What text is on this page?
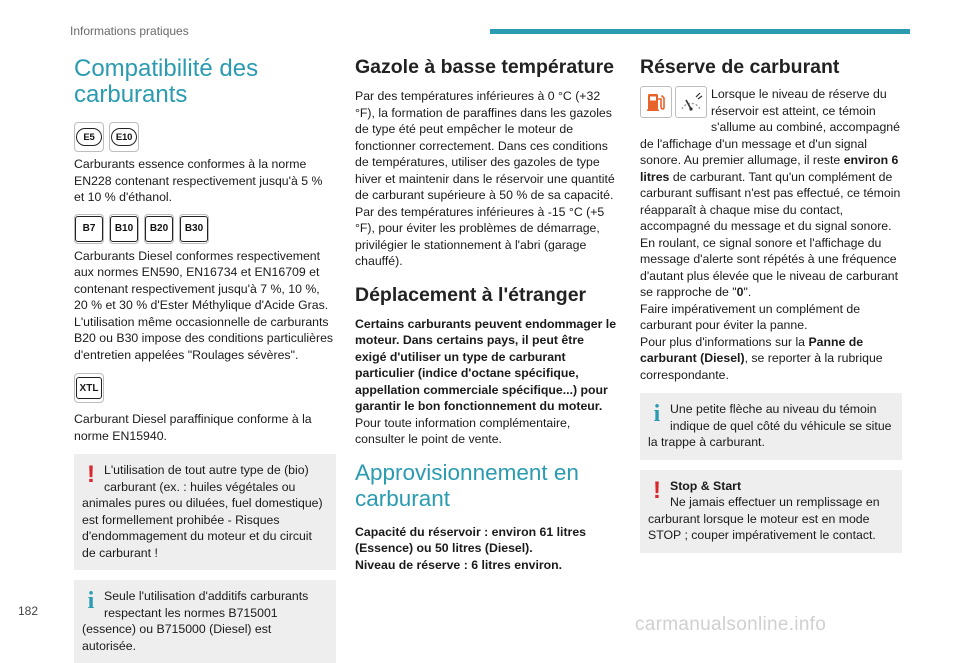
Informations pratiques
Compatibilité des carburants
E5	E10

Carburants essence conformes à la norme EN228 contenant respectivement jusqu'à 5 % et 10 % d'éthanol.

B7	B10	B20	B30

Carburants Diesel conformes respectivement aux normes EN590, EN16734 et EN16709 et contenant respectivement jusqu'à 7 %, 10 %, 20 % et 30 % d'Ester Méthylique d'Acide Gras. L'utilisation même occasionnelle de carburants B20 ou B30 impose des conditions particulières d'entretien appelées "Roulages sévères".

XTL

Carburant Diesel paraffinique conforme à la norme EN15940.

! L'utilisation de tout autre type de (bio) carburant (ex. : huiles végétales ou animales pures ou diluées, fuel domestique) est formellement prohibée - Risques d'endommagement du moteur et du circuit de carburant !

i Seule l'utilisation d'additifs carburants respectant les normes B715001 (essence) ou B715000 (Diesel) est autorisée.

Gazole à basse température

Par des températures inférieures à 0 °C (+32 °F), la formation de paraffines dans les gazoles de type été peut empêcher le moteur de fonctionner correctement. Dans ces conditions de températures, utiliser des gazoles de type hiver et maintenir dans le réservoir une quantité de carburant supérieure à 50 % de sa capacité. Par des températures inférieures à -15 °C (+5 °F), pour éviter les problèmes de démarrage, privilégier le stationnement à l'abri (garage chauffé).

Déplacement à l'étranger

Certains carburants peuvent endommager le moteur. Dans certains pays, il peut être exigé d'utiliser un type de carburant particulier (indice d'octane spécifique, appellation commerciale spécifique...) pour garantir le bon fonctionnement du moteur.

Pour toute information complémentaire, consulter le point de vente.

Approvisionnement en carburant

Capacité du réservoir : environ 61 litres (Essence) ou 50 litres (Diesel).

Niveau de réserve : 6 litres environ.

Réserve de carburant

Lorsque le niveau de réserve du réservoir est atteint, ce témoin s'allume au combiné, accompagné de l'affichage d'un message et d'un signal sonore. Au premier allumage, il reste environ 6 litres de carburant. Tant qu'un complément de carburant suffisant n'est pas effectué, ce témoin réapparaît à chaque mise du contact, accompagné du message et du signal sonore. En roulant, ce signal sonore et l'affichage du message d'alerte sont répétés à une fréquence d'autant plus élevée que le niveau de carburant se rapproche de "0".

Faire impérativement un complément de carburant pour éviter la panne.

Pour plus d'informations sur la Panne de carburant (Diesel), se reporter à la rubrique correspondante.

i Une petite flèche au niveau du témoin indique de quel côté du véhicule se situe la trappe à carburant.

! Stop & Start

Ne jamais effectuer un remplissage en carburant lorsque le moteur est en mode STOP ; couper impérativement le contact.

182
carmanualsonline.info
